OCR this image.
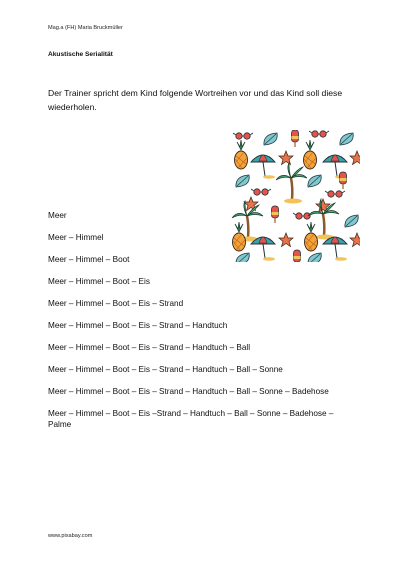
Mag.a (FH) Maria Bruckmüller
Akustische Serialität
Der Trainer spricht dem Kind folgende Wortreihen vor und das Kind soll diese wiederholen.
Meer
Meer – Himmel
Meer – Himmel – Boot
Meer – Himmel – Boot – Eis
Meer – Himmel – Boot – Eis – Strand
Meer – Himmel – Boot – Eis – Strand – Handtuch
Meer – Himmel – Boot – Eis – Strand – Handtuch – Ball
Meer – Himmel – Boot – Eis – Strand – Handtuch – Ball – Sonne
Meer – Himmel – Boot – Eis – Strand – Handtuch – Ball – Sonne – Badehose
Meer – Himmel – Boot – Eis –Strand – Handtuch – Ball – Sonne – Badehose – Palme
www.pixabay.com
